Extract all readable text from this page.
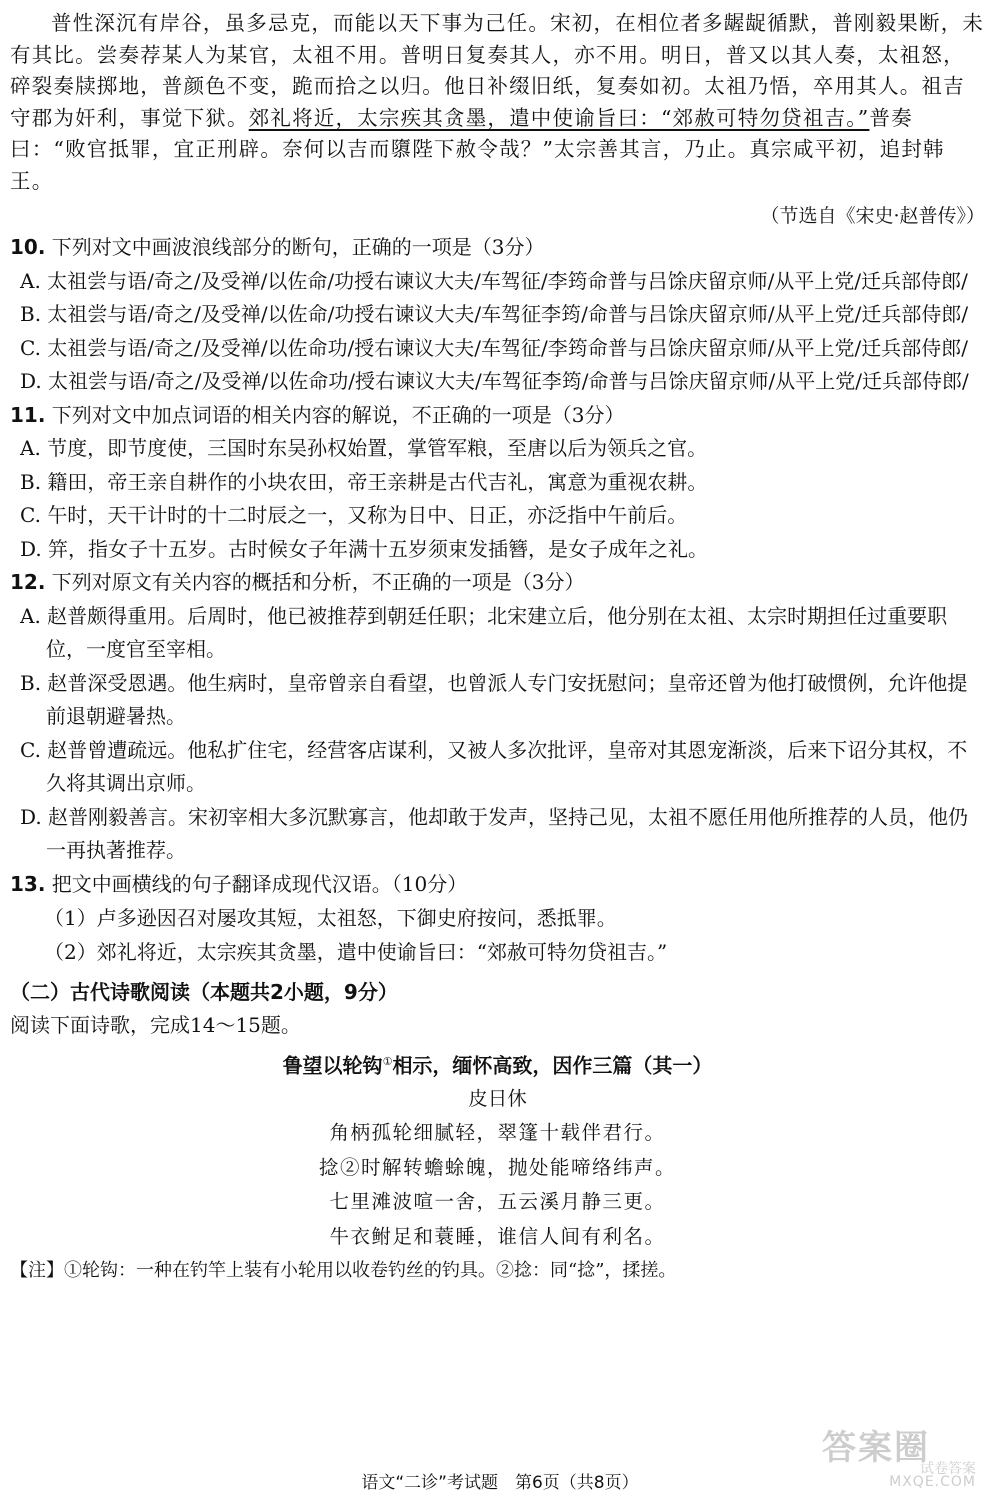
普性深沉有岸谷，虽多忌克，而能以天下事为己任。宋初，在相位者多龌龊循默，普刚毅果断，未有其比。尝奏荐某人为某官，太祖不用。普明日复奏其人，亦不用。明日，普又以其人奏，太祖怒，碎裂奏牍掷地，普颜色不变，跪而拾之以归。他日补缀旧纸，复奏如初。太祖乃悟，卒用其人。祖吉守郡为奸利，事觉下狱。郊礼将近，太宗疾其贪墨，遣中使谕旨曰：“郊赦可特勿贷祖吉。”普奏曰：“败官抵罪，宜正刑辟。奈何以吉而隳陛下赦令哉？”太宗善其言，乃止。真宗咸平初，追封韩王。

（节选自《宋史·赵普传》）

10. 下列对文中画波浪线部分的断句，正确的一项是（3分）

A. 太祖尝与语/奇之/及受禅/以佐命/功授右谏议大夫/车驾征/李筠命普与吕馀庆留京师/从平上党/迁兵部侍郎/

B. 太祖尝与语/奇之/及受禅/以佐命/功授右谏议大夫/车驾征李筠/命普与吕馀庆留京师/从平上党/迁兵部侍郎/

C. 太祖尝与语/奇之/及受禅/以佐命功/授右谏议大夫/车驾征/李筠命普与吕馀庆留京师/从平上党/迁兵部侍郎/

D. 太祖尝与语/奇之/及受禅/以佐命功/授右谏议大夫/车驾征李筠/命普与吕馀庆留京师/从平上党/迁兵部侍郎/

11. 下列对文中加点词语的相关内容的解说，不正确的一项是（3分）

A. 节度，即节度使，三国时东吴孙权始置，掌管军粮，至唐以后为领兵之官。

B. 籍田，帝王亲自耕作的小块农田，帝王亲耕是古代吉礼，寓意为重视农耕。

C. 午时，天干计时的十二时辰之一，又称为日中、日正，亦泛指中午前后。

D. 笄，指女子十五岁。古时候女子年满十五岁须束发插簪，是女子成年之礼。

12. 下列对原文有关内容的概括和分析，不正确的一项是（3分）

A. 赵普颇得重用。后周时，他已被推荐到朝廷任职；北宋建立后，他分别在太祖、太宗时期担任过重要职位，一度官至宰相。

B. 赵普深受恩遇。他生病时，皇帝曾亲自看望，也曾派人专门安抚慰问；皇帝还曾为他打破惯例，允许他提前退朝避暑热。

C. 赵普曾遭疏远。他私扩住宅，经营客店谋利，又被人多次批评，皇帝对其恩宠渐淡，后来下诏分其权，不久将其调出京师。

D. 赵普刚毅善言。宋初宰相大多沉默寡言，他却敢于发声，坚持己见，太祖不愿任用他所推荐的人员，他仍一再执著推荐。

13. 把文中画横线的句子翻译成现代汉语。（10分）

（1）卢多逊因召对屡攻其短，太祖怒，下御史府按问，悉抵罪。

（2）郊礼将近，太宗疾其贪墨，遣中使谕旨曰：“郊赦可特勿贷祖吉。”

（二）古代诗歌阅读（本题共2小题，9分）

阅读下面诗歌，完成14～15题。

鲁望以轮钩①相示，缅怀高致，因作三篇（其一）

皮日休

角柄孤轮细腻轻，翠篷十载伴君行。

捻②时解转蟾蜍魄，抛处能啼络纬声。

七里滩波喧一舍，五云溪月静三更。

牛衣鲋足和蓑睡，谁信人间有利名。

【注】①轮钩：一种在钓竿上装有小轮用以收卷钓丝的钓具。②捻：同“捻”，揉搓。

答案圈
试卷答案
MXQE.COM
语文“二诊”考试题　第6页（共8页）
